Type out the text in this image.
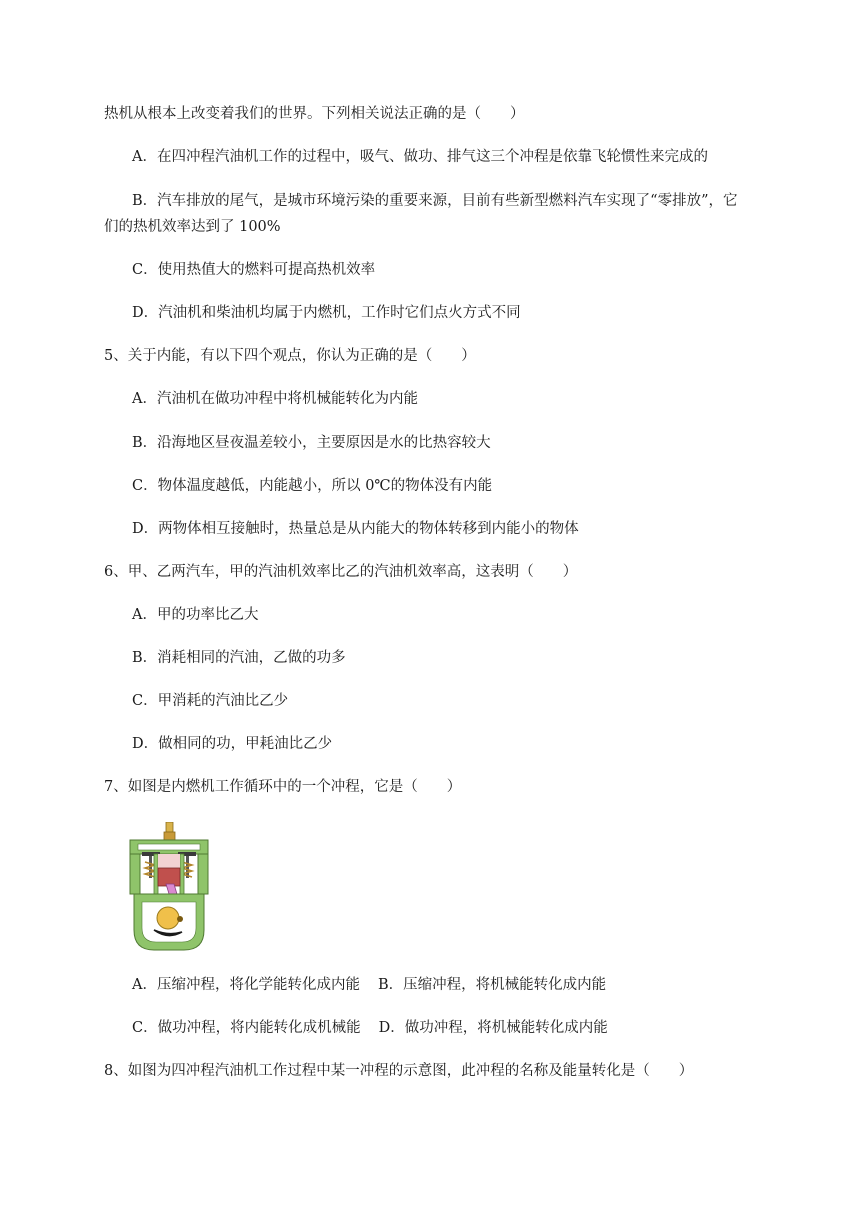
热机从根本上改变着我们的世界。下列相关说法正确的是（　　）
A．在四冲程汽油机工作的过程中，吸气、做功、排气这三个冲程是依靠飞轮惯性来完成的
B．汽车排放的尾气，是城市环境污染的重要来源，目前有些新型燃料汽车实现了“零排放”，它
们的热机效率达到了 100%
C．使用热值大的燃料可提高热机效率
D．汽油机和柴油机均属于内燃机，工作时它们点火方式不同
5、关于内能，有以下四个观点，你认为正确的是（　　）
A．汽油机在做功冲程中将机械能转化为内能
B．沿海地区昼夜温差较小，主要原因是水的比热容较大
C．物体温度越低，内能越小，所以 0℃的物体没有内能
D．两物体相互接触时，热量总是从内能大的物体转移到内能小的物体
6、甲、乙两汽车，甲的汽油机效率比乙的汽油机效率高，这表明（　　）
A．甲的功率比乙大
B．消耗相同的汽油，乙做的功多
C．甲消耗的汽油比乙少
D．做相同的功，甲耗油比乙少
7、如图是内燃机工作循环中的一个冲程，它是（　　）
A．压缩冲程，将化学能转化成内能 B．压缩冲程，将机械能转化成内能
C．做功冲程，将内能转化成机械能 D．做功冲程，将机械能转化成内能
8、如图为四冲程汽油机工作过程中某一冲程的示意图，此冲程的名称及能量转化是（　　）
